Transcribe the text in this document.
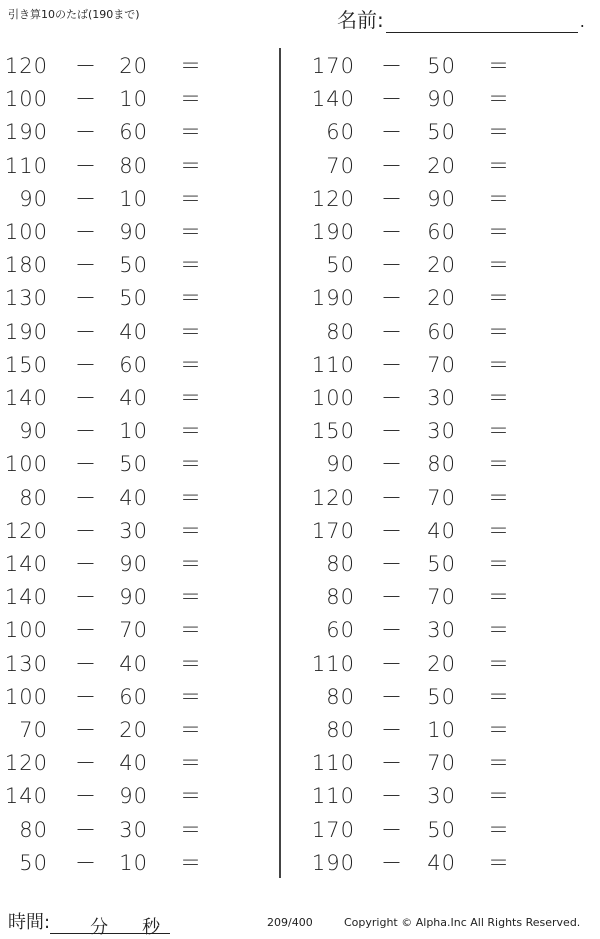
引き算10のたば(190まで)	名前:	.
120 －	20 ＝
100 －	10 ＝
190 －	60 ＝
110 －	80 ＝
90 －	10 ＝
100 －	90 ＝
180 －	50 ＝
130 －	50 ＝
190 －	40 ＝
150 －	60 ＝
140 －	40 ＝
90 －	10 ＝
100 －	50 ＝
80 －	40 ＝
120 －	30 ＝
140 －	90 ＝
140 －	90 ＝
100 －	70 ＝
130 －	40 ＝
100 －	60 ＝
70 －	20 ＝
120 －	40 ＝
140 －	90 ＝
80 －	30 ＝
50 －	10 ＝
170 －	50 ＝
140 －	90 ＝
60 －	50 ＝
70 －	20 ＝
120 －	90 ＝
190 －	60 ＝
50 －	20 ＝
190 －	20 ＝
80 －	60 ＝
110 －	70 ＝
100 －	30 ＝
150 －	30 ＝
90 －	80 ＝
120 －	70 ＝
170 －	40 ＝
80 －	50 ＝
80 －	70 ＝
60 －	30 ＝
110 －	20 ＝
80 －	50 ＝
80 －	10 ＝
110 －	70 ＝
110 －	30 ＝
170 －	50 ＝
190 －	40 ＝
時間: 分 秒	209/400	Copyright © Alpha.Inc All Rights Reserved.
